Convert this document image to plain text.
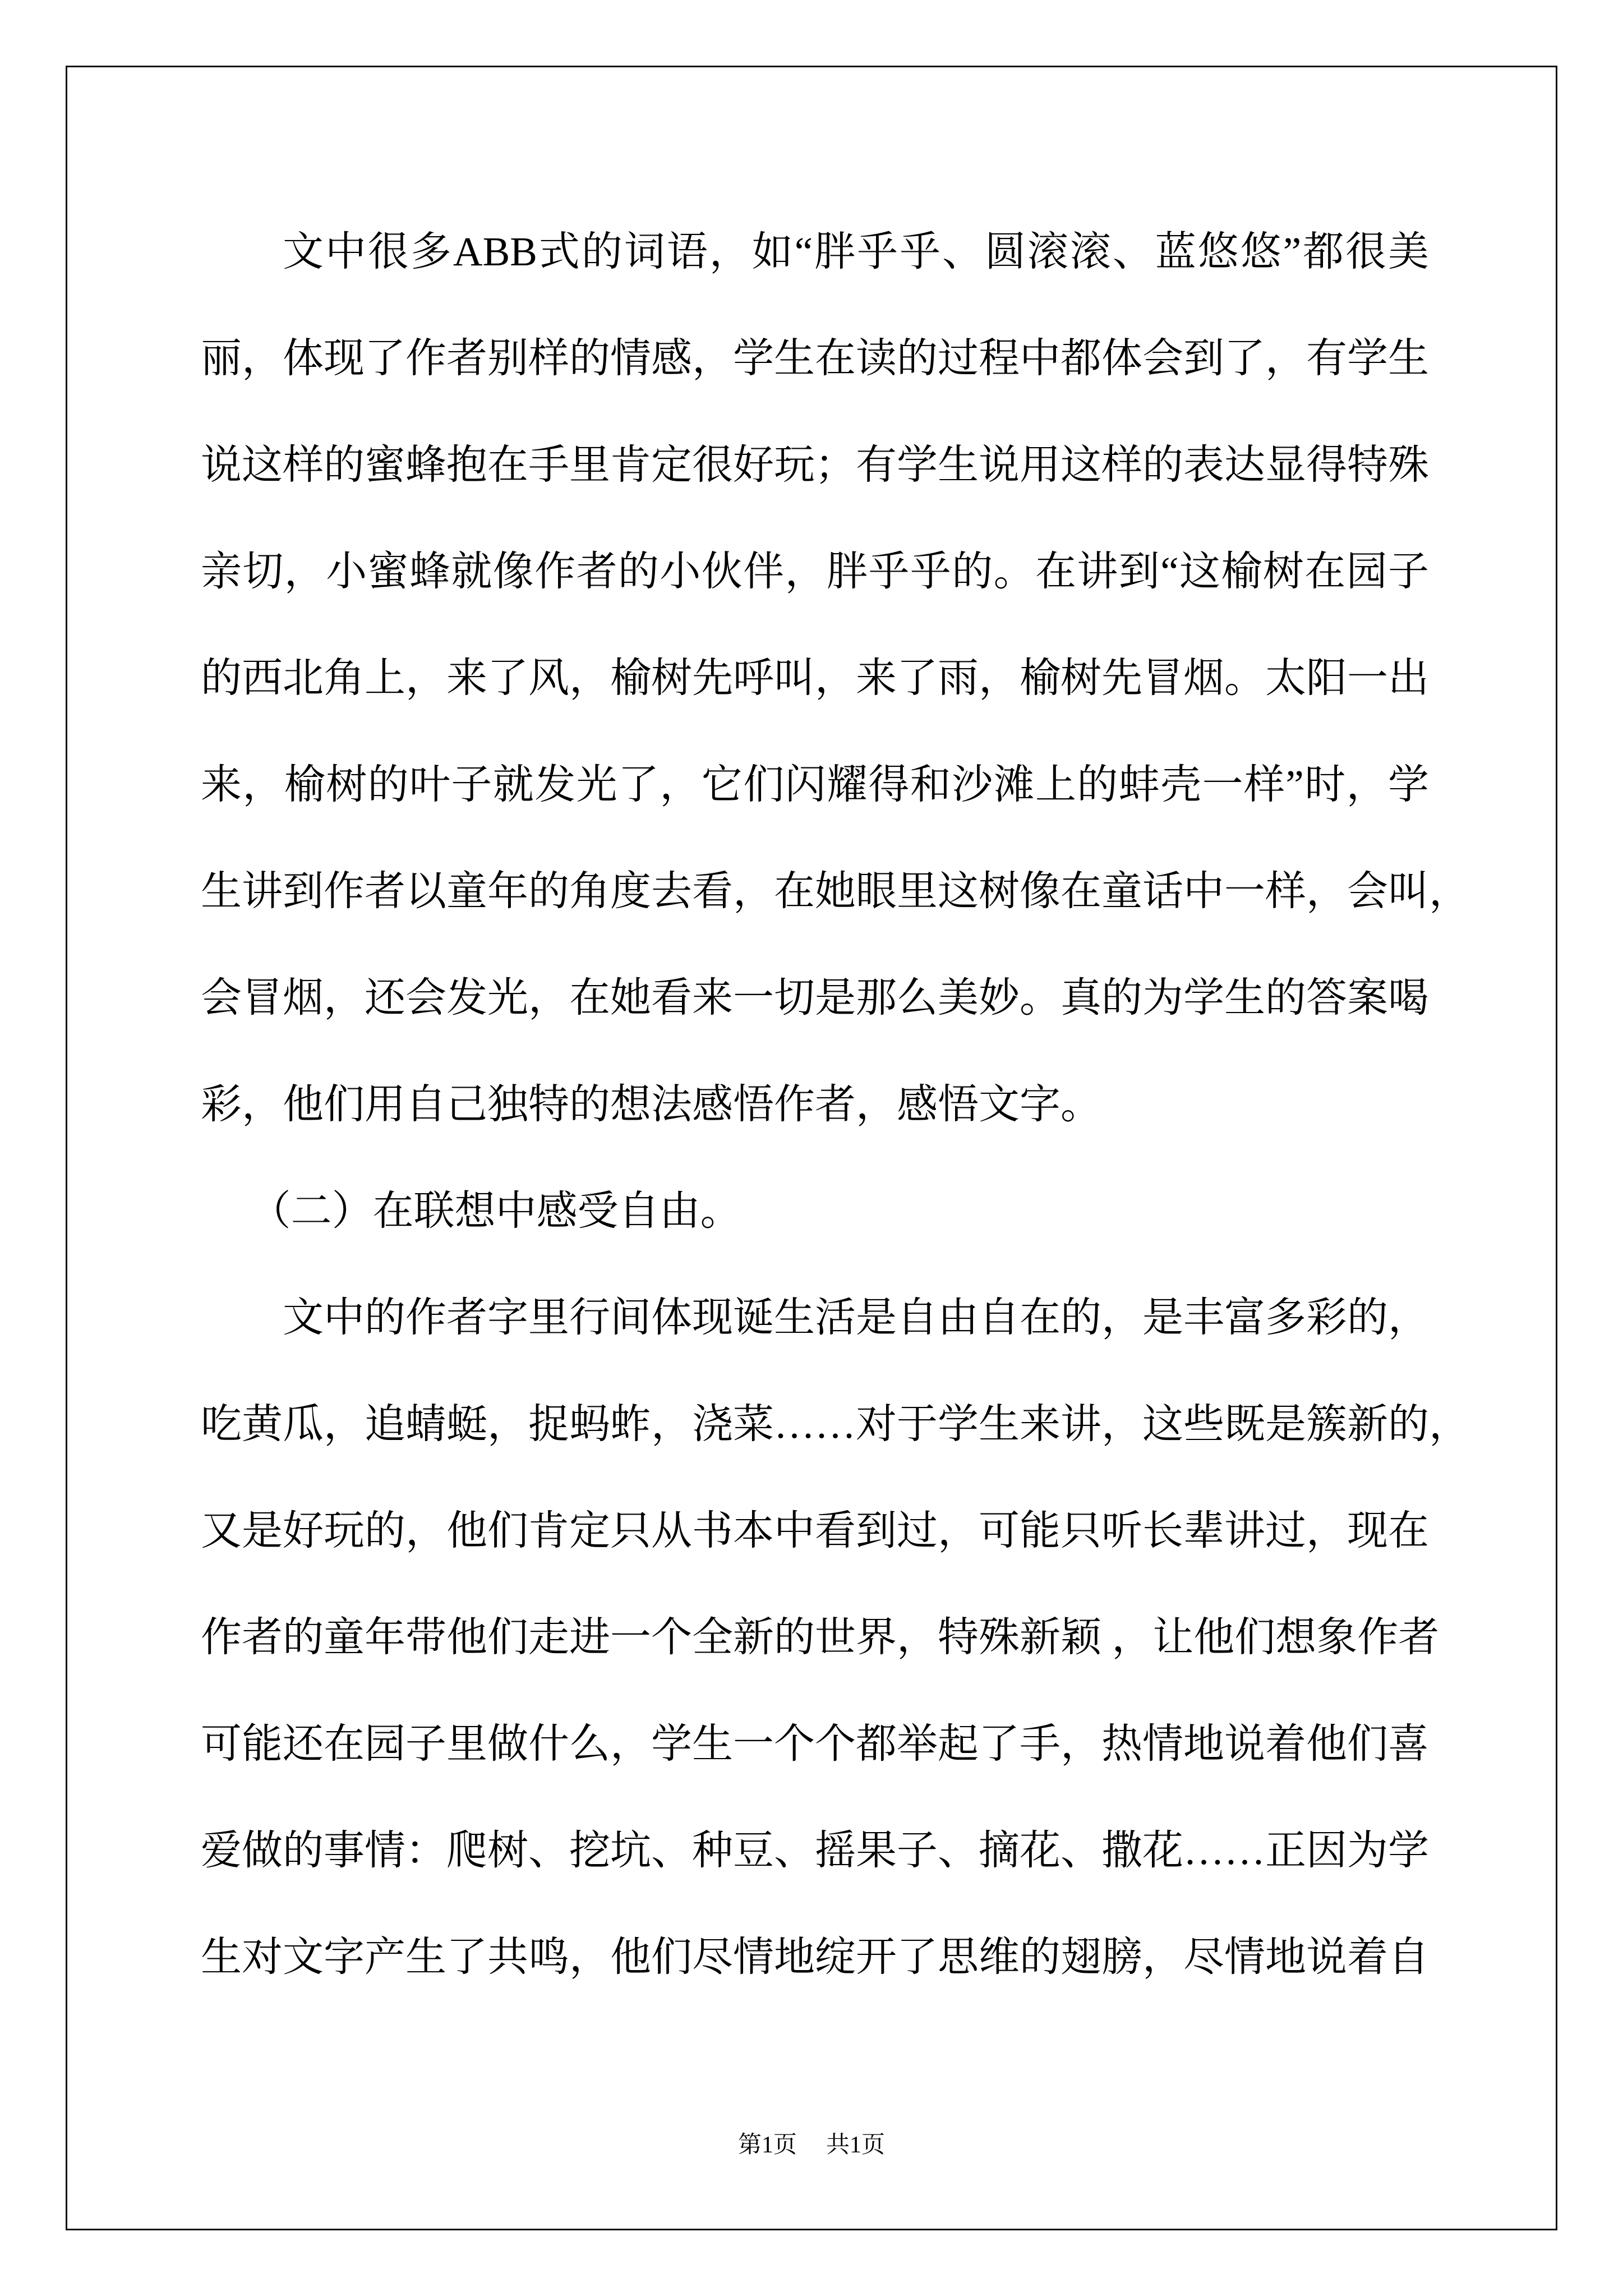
文中很多ABB式的词语，如“胖乎乎、圆滚滚、蓝悠悠”都很美
丽，体现了作者别样的情感，学生在读的过程中都体会到了，有学生
说这样的蜜蜂抱在手里肯定很好玩；有学生说用这样的表达显得特殊
亲切，小蜜蜂就像作者的小伙伴，胖乎乎的。在讲到“这榆树在园子
的西北角上，来了风，榆树先呼叫，来了雨，榆树先冒烟。太阳一出
来，榆树的叶子就发光了，它们闪耀得和沙滩上的蚌壳一样”时，学
生讲到作者以童年的角度去看，在她眼里这树像在童话中一样，会叫，
会冒烟，还会发光，在她看来一切是那么美妙。真的为学生的答案喝
彩，他们用自己独特的想法感悟作者，感悟文字。
（二）在联想中感受自由。
文中的作者字里行间体现诞生活是自由自在的，是丰富多彩的，
吃黄瓜，追蜻蜓，捉蚂蚱，浇菜……对于学生来讲，这些既是簇新的，
又是好玩的，他们肯定只从书本中看到过，可能只听长辈讲过，现在
作者的童年带他们走进一个全新的世界，特殊新颖 ，让他们想象作者
可能还在园子里做什么，学生一个个都举起了手，热情地说着他们喜
爱做的事情：爬树、挖坑、种豆、摇果子、摘花、撒花……正因为学
生对文字产生了共鸣，他们尽情地绽开了思维的翅膀，尽情地说着自
第1页 共1页
